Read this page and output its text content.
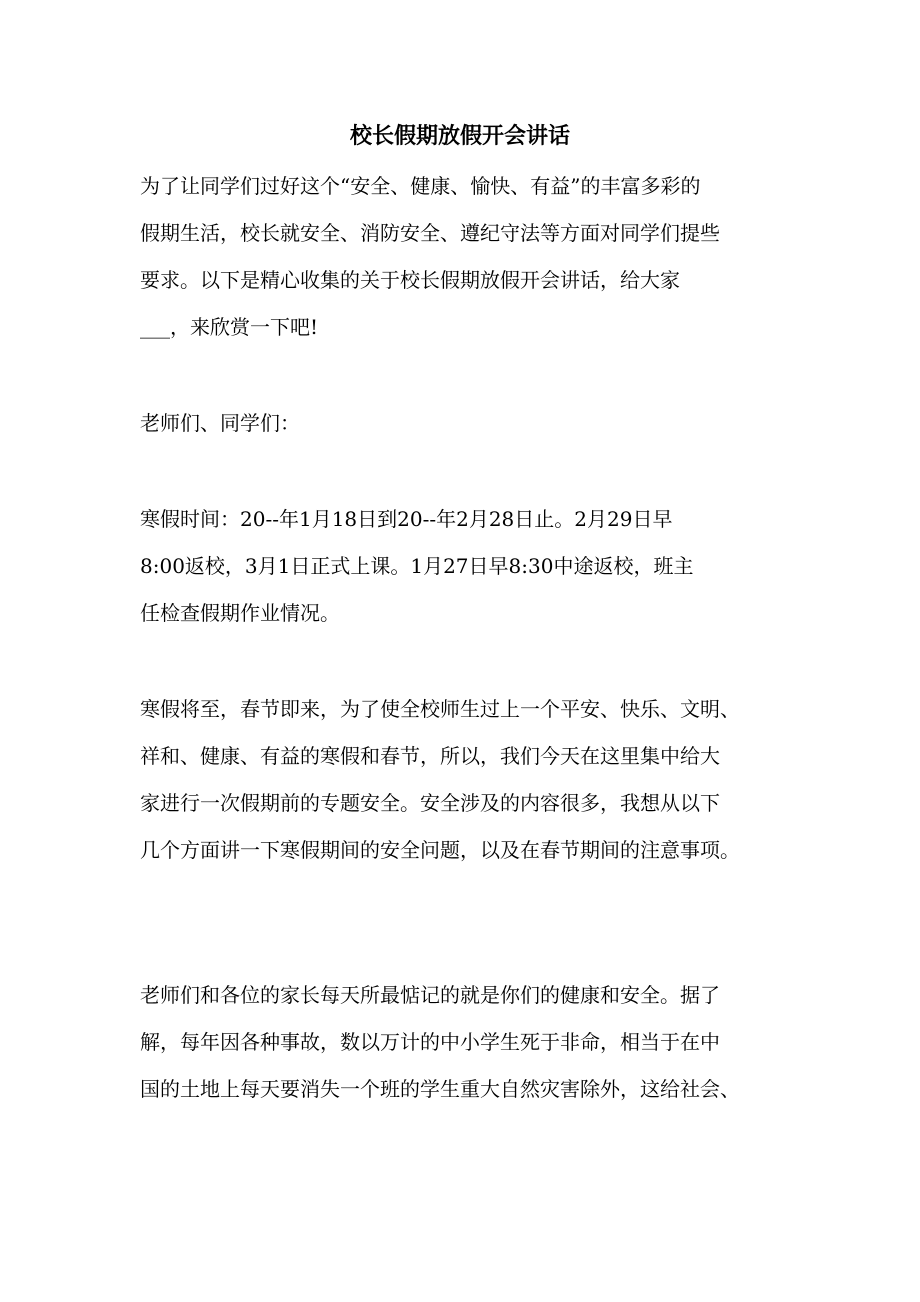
校长假期放假开会讲话

为了让同学们过好这个“安全、健康、愉快、有益”的丰富多彩的

假期生活，校长就安全、消防安全、遵纪守法等方面对同学们提些

要求。以下是精心收集的关于校长假期放假开会讲话，给大家

___，来欣赏一下吧!

老师们、同学们：

寒假时间：20--年1月18日到20--年2月28日止。2月29日早

8:00返校，3月1日正式上课。1月27日早8:30中途返校，班主

任检查假期作业情况。

寒假将至，春节即来，为了使全校师生过上一个平安、快乐、文明、

祥和、健康、有益的寒假和春节，所以，我们今天在这里集中给大

家进行一次假期前的专题安全。安全涉及的内容很多，我想从以下

几个方面讲一下寒假期间的安全问题，以及在春节期间的注意事项。

老师们和各位的家长每天所最惦记的就是你们的健康和安全。据了

解，每年因各种事故，数以万计的中小学生死于非命，相当于在中

国的土地上每天要消失一个班的学生重大自然灾害除外，这给社会、
